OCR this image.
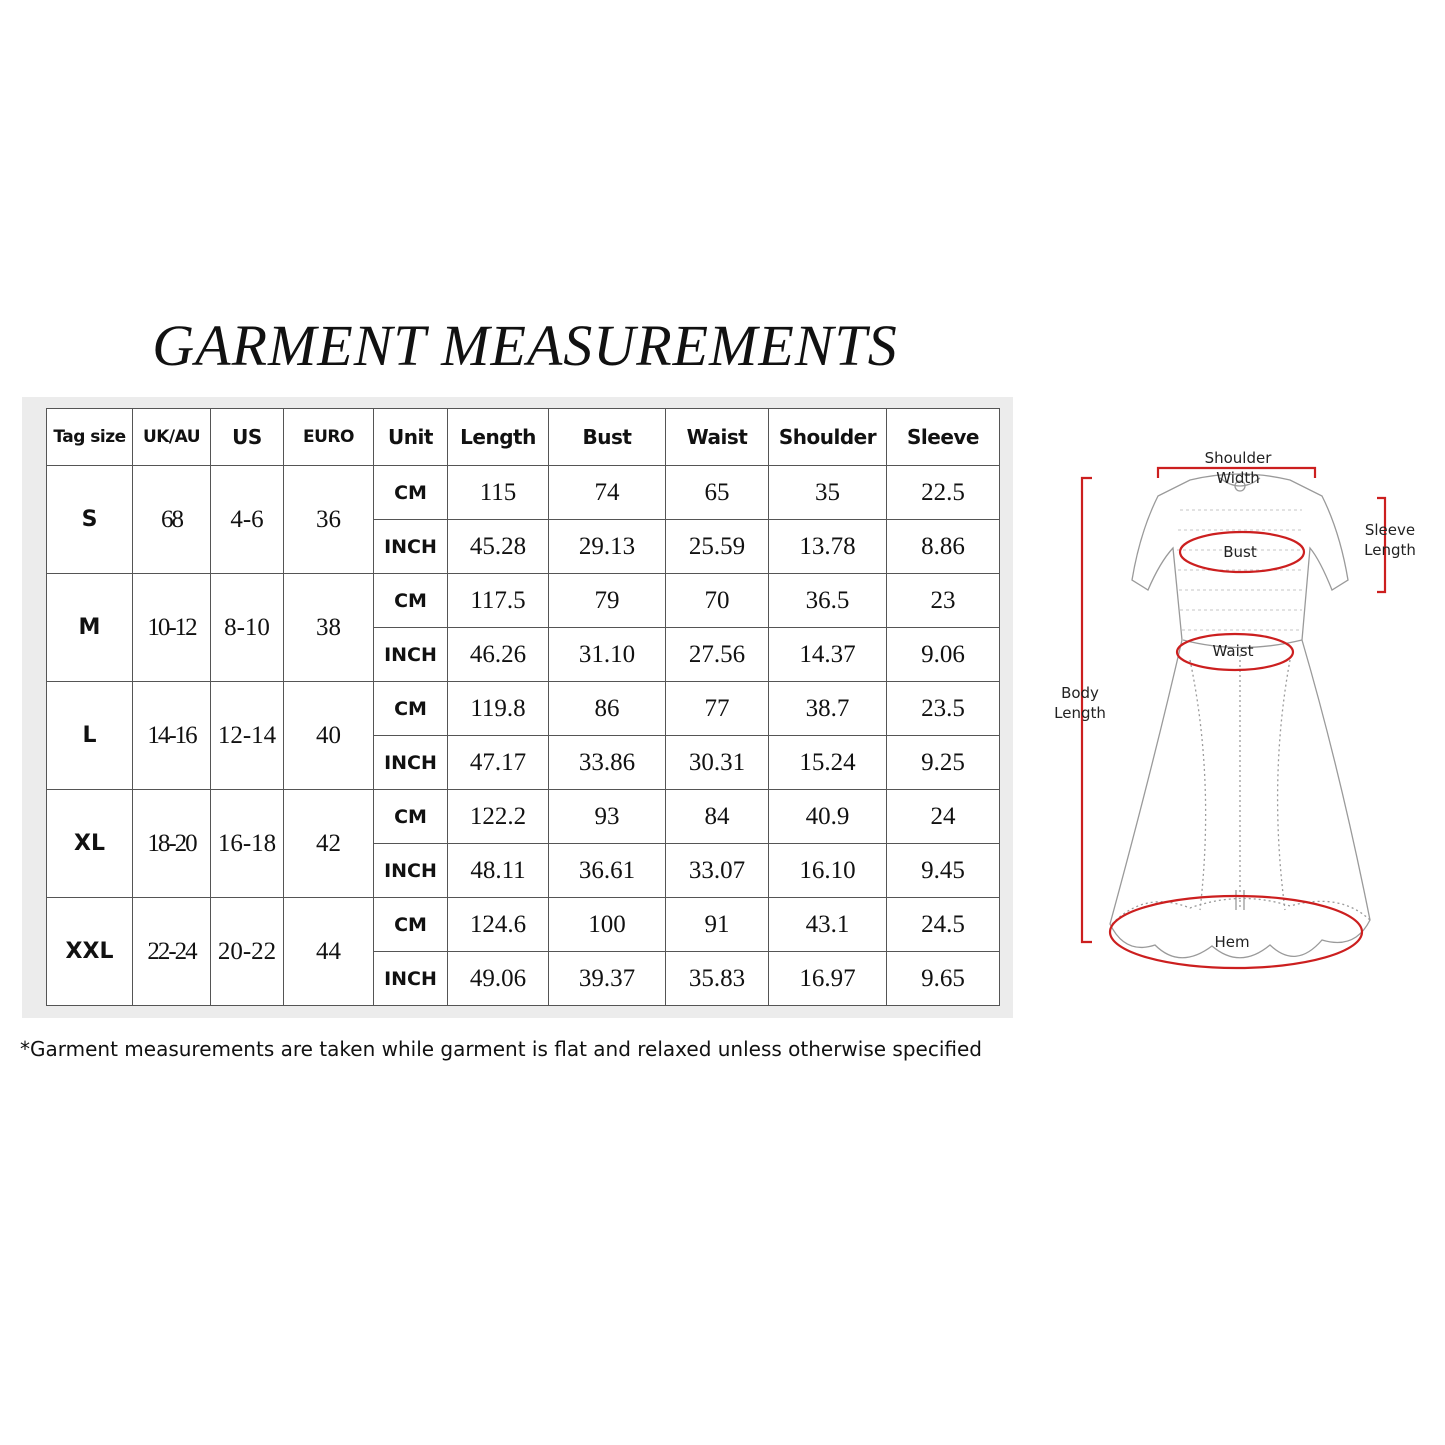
GARMENT MEASUREMENTS
Tag size	UK/AU	US	EURO	Unit	Length	Bust	Waist	Shoulder	Sleeve
S	68	4-6	36	CM	115	74	65	35	22.5
				INCH	45.28	29.13	25.59	13.78	8.86
M	10-12	8-10	38	CM	117.5	79	70	36.5	23
				INCH	46.26	31.10	27.56	14.37	9.06
L	14-16	12-14	40	CM	119.8	86	77	38.7	23.5
				INCH	47.17	33.86	30.31	15.24	9.25
XL	18-20	16-18	42	CM	122.2	93	84	40.9	24
				INCH	48.11	36.61	33.07	16.10	9.45
XXL	22-24	20-22	44	CM	124.6	100	91	43.1	24.5
				INCH	49.06	39.37	35.83	16.97	9.65
*Garment measurements are taken while garment is flat and relaxed unless otherwise specified
Shoulder
Width
Sleeve
Length
Body
Length
Bust
Waist
Hem
